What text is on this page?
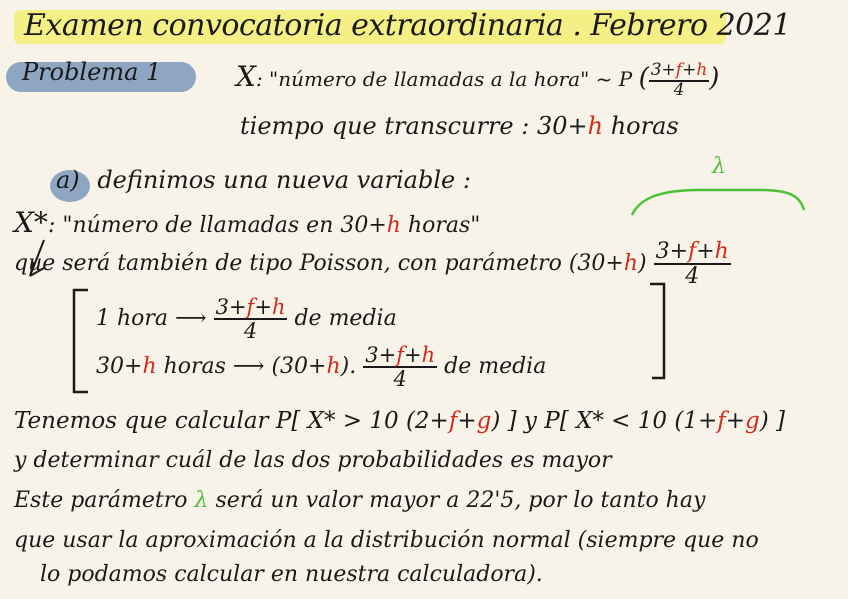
Examen convocatoria extraordinaria . Febrero 2021
Problema 1	X: "número de llamadas a la hora" ~ P ( $\frac{3+f+h}{4}$ )
tiempo que transcurre : 30+h horas
a) definimos una nueva variable :	λ
X*: "número de llamadas en 30+h horas"
que será también de tipo Poisson, con parámetro $(30+h) \frac{3+f+h}{4}$
1 hora ⟶ $\frac{3+f+h}{4}$ de media
30+h horas ⟶ (30+h). $\frac{3+f+h}{4}$ de media
Tenemos que calcular P[ X* > 10 (2+f+g) ] y P[ X* < 10 (1+f+g) ]
y determinar cuál de las dos probabilidades es mayor
Este parámetro λ será un valor mayor a 22'5, por lo tanto hay
que usar la aproximación a la distribución normal (siempre que no
lo podamos calcular en nuestra calculadora).
